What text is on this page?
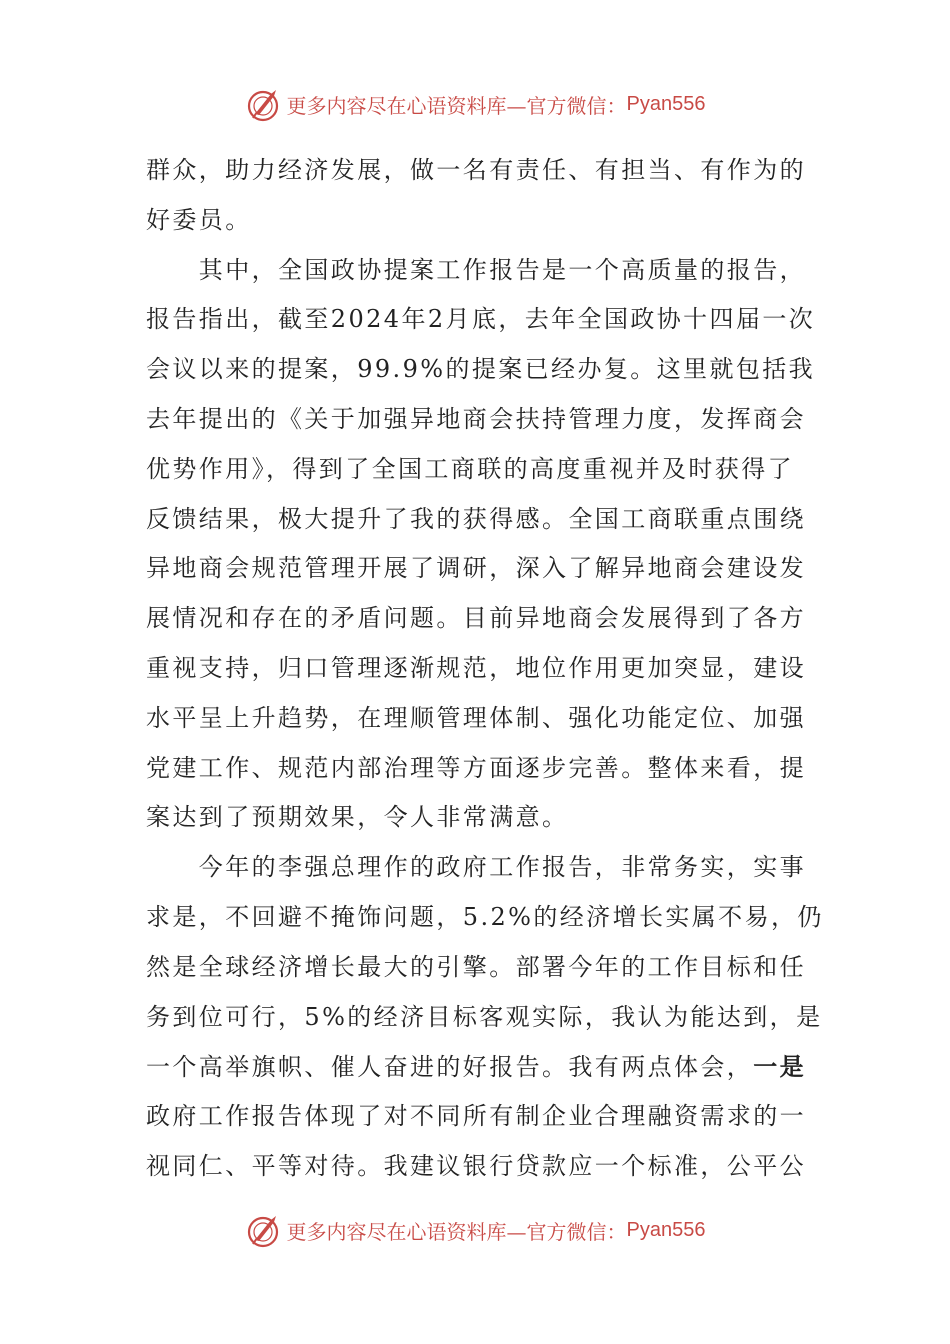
更多内容尽在心语资料库—官方微信： Pyan556
群众，助力经济发展，做一名有责任、有担当、有作为的
好委员。
　　其中，全国政协提案工作报告是一个高质量的报告，
报告指出，截至2024年2月底，去年全国政协十四届一次
会议以来的提案，99.9%的提案已经办复。这里就包括我
去年提出的《关于加强异地商会扶持管理力度，发挥商会
优势作用》，得到了全国工商联的高度重视并及时获得了
反馈结果，极大提升了我的获得感。全国工商联重点围绕
异地商会规范管理开展了调研，深入了解异地商会建设发
展情况和存在的矛盾问题。目前异地商会发展得到了各方
重视支持，归口管理逐渐规范，地位作用更加突显，建设
水平呈上升趋势，在理顺管理体制、强化功能定位、加强
党建工作、规范内部治理等方面逐步完善。整体来看，提
案达到了预期效果，令人非常满意。
　　今年的李强总理作的政府工作报告，非常务实，实事
求是，不回避不掩饰问题，5.2%的经济增长实属不易，仍
然是全球经济增长最大的引擎。部署今年的工作目标和任
务到位可行，5%的经济目标客观实际，我认为能达到，是
一个高举旗帜、催人奋进的好报告。我有两点体会，一是
政府工作报告体现了对不同所有制企业合理融资需求的一
视同仁、平等对待。我建议银行贷款应一个标准，公平公
更多内容尽在心语资料库—官方微信： Pyan556
